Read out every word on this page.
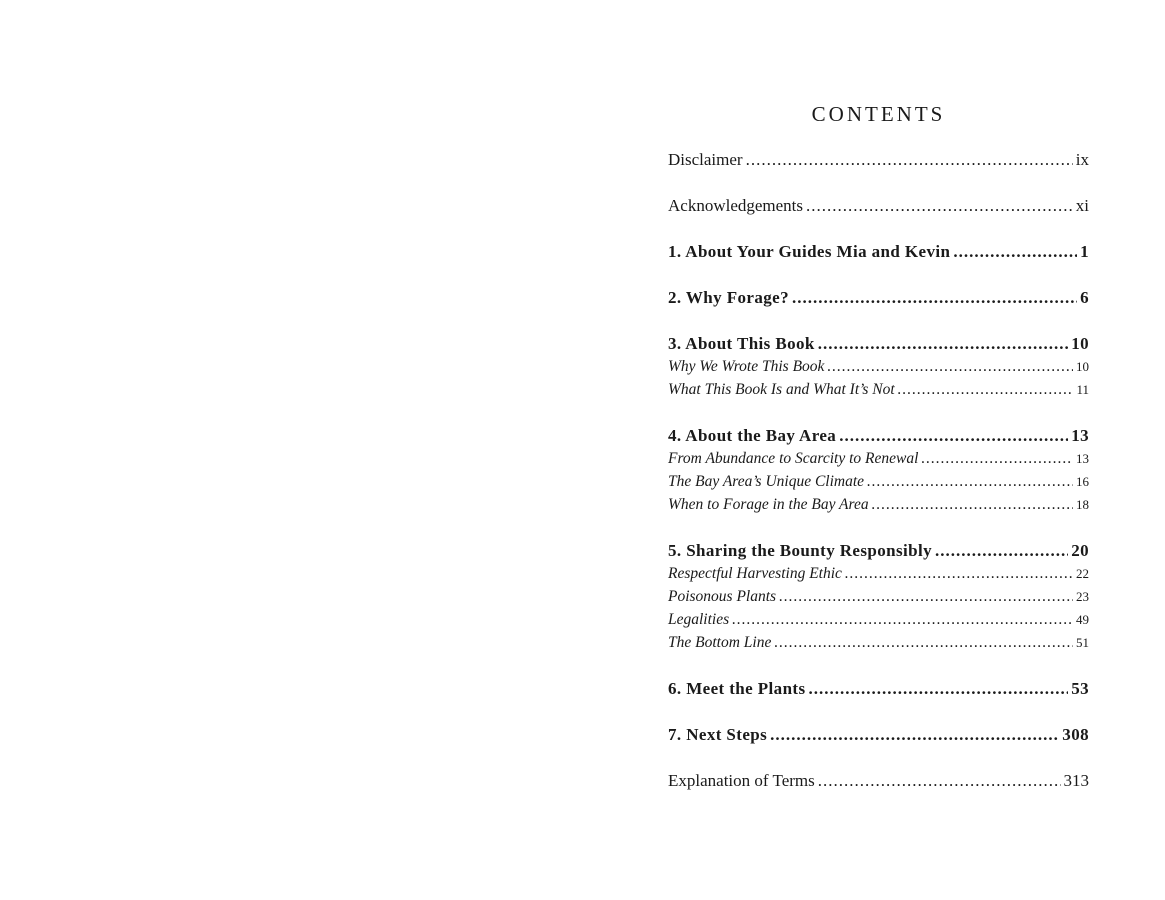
CONTENTS
Disclaimer .....	ix
Acknowledgements .....	xi
1. About Your Guides Mia and Kevin .....	1
2. Why Forage? .....	6
3. About This Book .....	10
Why We Wrote This Book .....	10
What This Book Is and What It’s Not .....	11
4. About the Bay Area .....	13
From Abundance to Scarcity to Renewal .....	13
The Bay Area’s Unique Climate .....	16
When to Forage in the Bay Area .....	18
5. Sharing the Bounty Responsibly .....	20
Respectful Harvesting Ethic .....	22
Poisonous Plants .....	23
Legalities .....	49
The Bottom Line .....	51
6. Meet the Plants .....	53
7. Next Steps .....	308
Explanation of Terms .....	313
